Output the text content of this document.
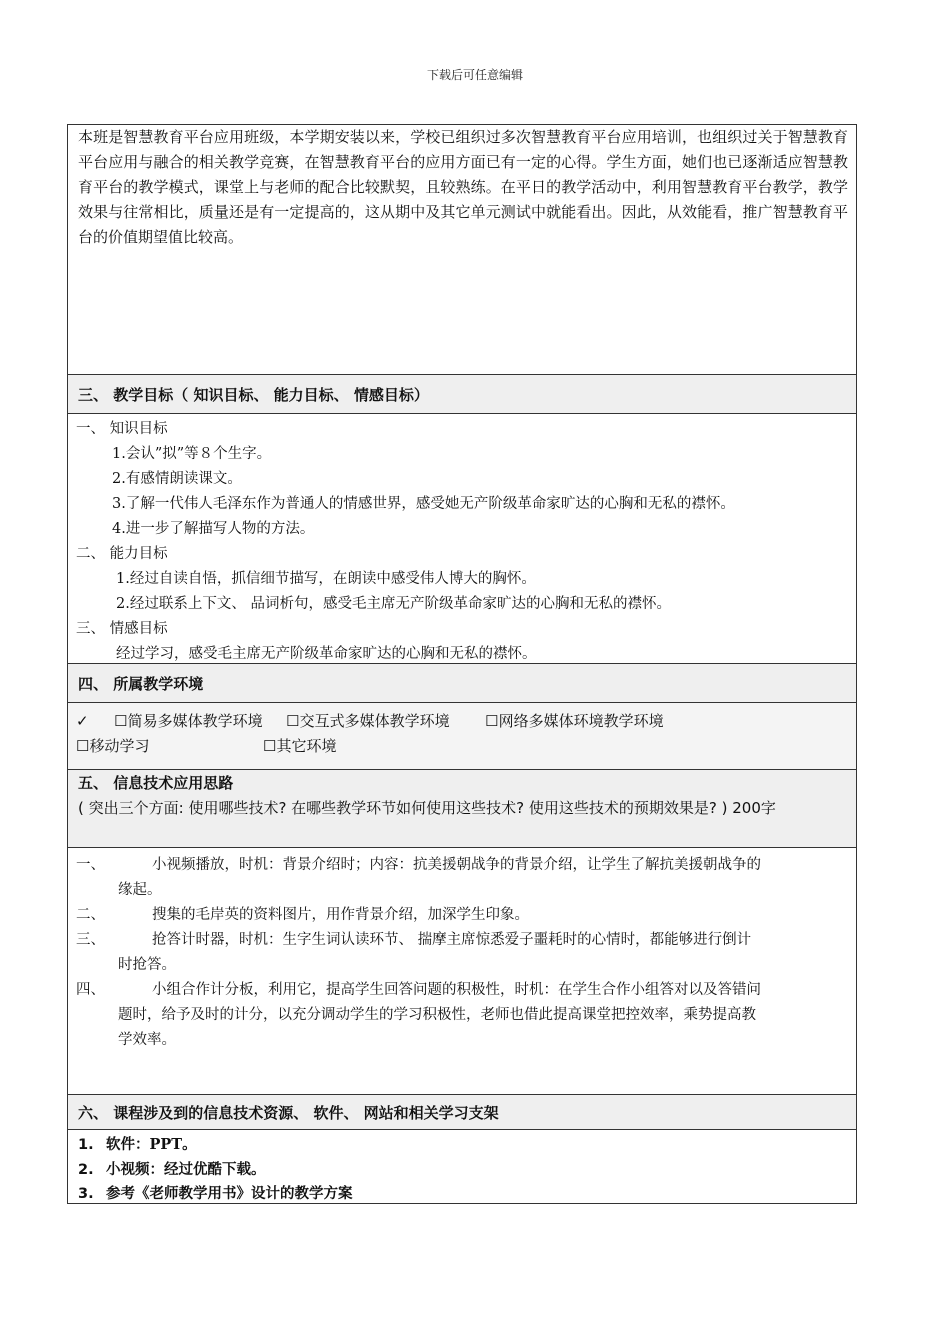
下载后可任意编辑
本班是智慧教育平台应用班级，本学期安装以来，学校已组织过多次智慧教育平台应用培训，也组织过关于智慧教育平台应用与融合的相关教学竞赛，在智慧教育平台的应用方面已有一定的心得。学生方面，她们也已逐渐适应智慧教育平台的教学模式，课堂上与老师的配合比较默契，且较熟练。在平日的教学活动中，利用智慧教育平台教学，教学效果与往常相比，质量还是有一定提高的，这从期中及其它单元测试中就能看出。因此，从效能看，推广智慧教育平台的价值期望值比较高。
三、 教学目标（ 知识目标、 能力目标、 情感目标）
一、 知识目标
1.会认”拟”等８个生字。
2.有感情朗读课文。
3.了解一代伟人毛泽东作为普通人的情感世界，感受她无产阶级革命家旷达的心胸和无私的襟怀。
4.进一步了解描写人物的方法。
二、 能力目标
1.经过自读自悟，抓信细节描写，在朗读中感受伟人博大的胸怀。
2.经过联系上下文、 品词析句，感受毛主席无产阶级革命家旷达的心胸和无私的襟怀。
三、 情感目标
经过学习，感受毛主席无产阶级革命家旷达的心胸和无私的襟怀。
四、 所属教学环境
✓ ☐简易多媒体教学环境 ☐交互式多媒体教学环境 ☐网络多媒体环境教学环境
☐移动学习	☐其它环境
五、 信息技术应用思路
( 突出三个方面: 使用哪些技术? 在哪些教学环节如何使用这些技术? 使用这些技术的预期效果是? ) 200字
一、	小视频播放，时机：背景介绍时；内容：抗美援朝战争的背景介绍，让学生了解抗美援朝战争的
缘起。
二、	搜集的毛岸英的资料图片，用作背景介绍，加深学生印象。
三、	抢答计时器，时机：生字生词认读环节、 揣摩主席惊悉爱子噩耗时的心情时，都能够进行倒计
时抢答。
四、	小组合作计分板，利用它，提高学生回答问题的积极性，时机：在学生合作小组答对以及答错问
题时，给予及时的计分，以充分调动学生的学习积极性，老师也借此提高课堂把控效率，乘势提高教
学效率。
六、 课程涉及到的信息技术资源、 软件、 网站和相关学习支架
1. 软件：PPT。
2. 小视频：经过优酷下载。
3. 参考《老师教学用书》设计的教学方案
